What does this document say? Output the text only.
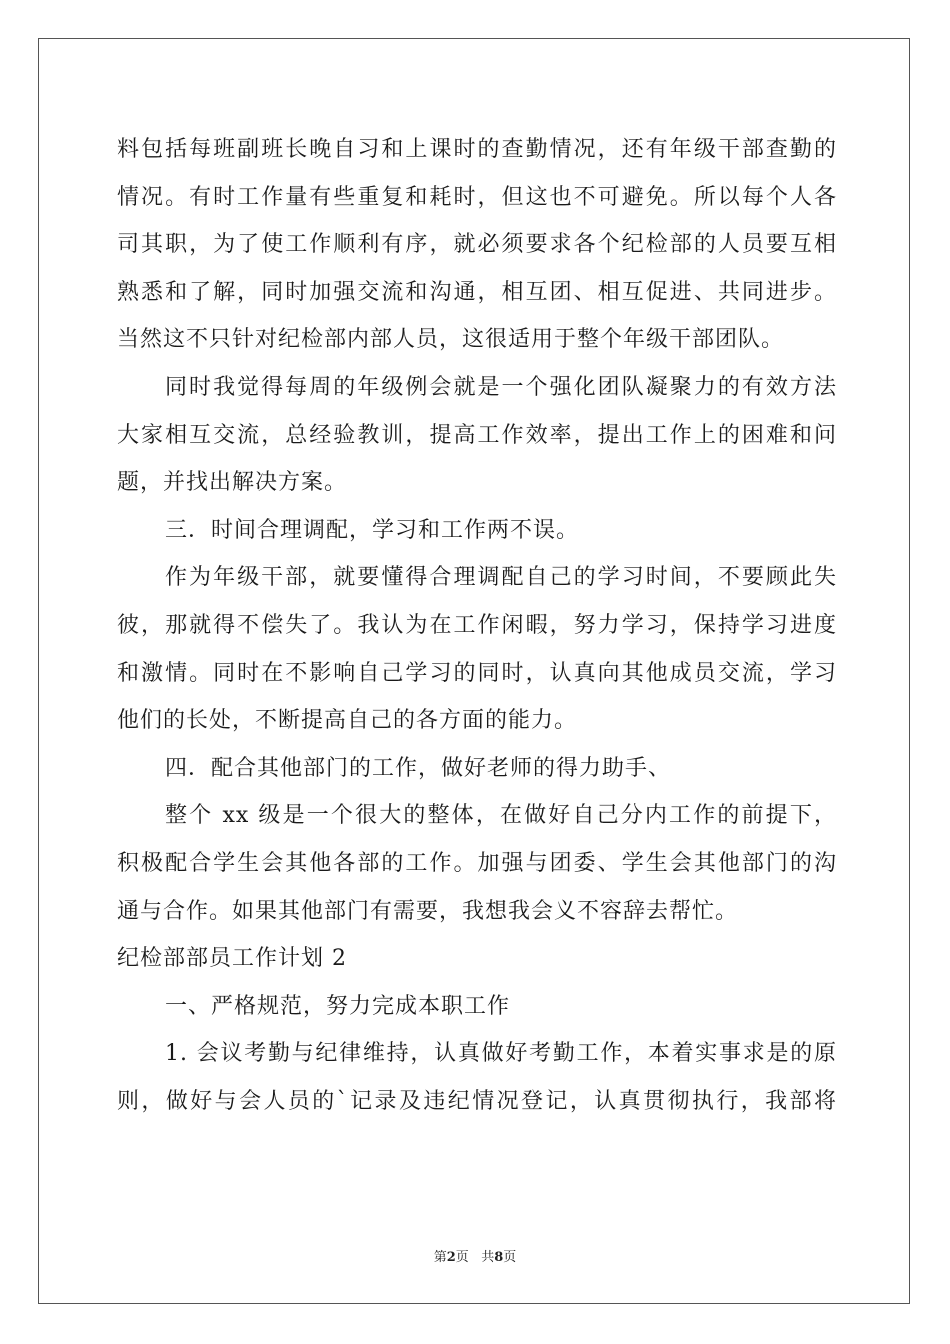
料包括每班副班长晚自习和上课时的查勤情况，还有年级干部查勤的
情况。有时工作量有些重复和耗时，但这也不可避免。所以每个人各
司其职，为了使工作顺利有序，就必须要求各个纪检部的人员要互相
熟悉和了解，同时加强交流和沟通，相互团、相互促进、共同进步。
当然这不只针对纪检部内部人员，这很适用于整个年级干部团队。
同时我觉得每周的年级例会就是一个强化团队凝聚力的有效方法
大家相互交流，总经验教训，提高工作效率，提出工作上的困难和问
题，并找出解决方案。
三．时间合理调配，学习和工作两不误。
作为年级干部，就要懂得合理调配自己的学习时间，不要顾此失
彼，那就得不偿失了。我认为在工作闲暇，努力学习，保持学习进度
和激情。同时在不影响自己学习的同时，认真向其他成员交流，学习
他们的长处，不断提高自己的各方面的能力。
四．配合其他部门的工作，做好老师的得力助手、
整个 xx 级是一个很大的整体，在做好自己分内工作的前提下，
积极配合学生会其他各部的工作。加强与团委、学生会其他部门的沟
通与合作。如果其他部门有需要，我想我会义不容辞去帮忙。
纪检部部员工作计划 2
一、严格规范，努力完成本职工作
1. 会议考勤与纪律维持，认真做好考勤工作，本着实事求是的原
则，做好与会人员的`记录及违纪情况登记，认真贯彻执行，我部将
第2页 共8页
